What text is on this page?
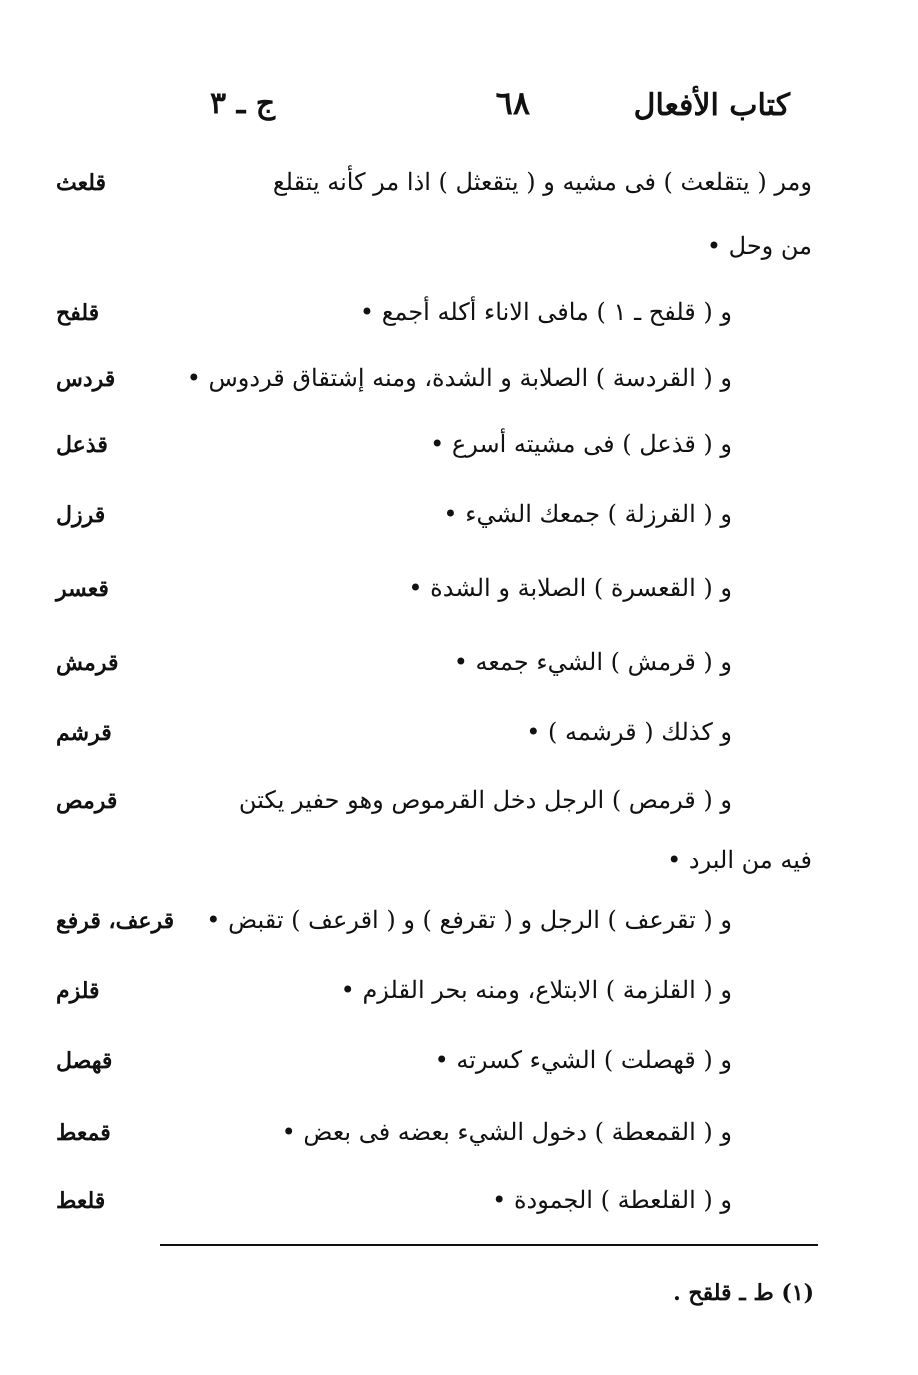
كتاب الأفعال
٦٨
ج ـ ٣
ومر ( يتقلعث ) فى مشيه و ( يتقعثل ) اذا مر كأنه يتقلع
قلعث
من وحل •
و ( قلفح ـ ١ ) مافى الاناء أكله أجمع •
قلفح
و ( القردسة ) الصلابة و الشدة، ومنه إشتقاق قردوس •
قردس
و ( قذعل ) فى مشيته أسرع •
قذعل
و ( القرزلة ) جمعك الشيء •
قرزل
و ( القعسرة ) الصلابة و الشدة •
قعسر
و ( قرمش ) الشيء جمعه •
قرمش
و كذلك ( قرشمه ) •
قرشم
و ( قرمص ) الرجل دخل القرموص وهو حفير يكتن
قرمص
فيه من البرد •
و ( تقرعف ) الرجل و ( تقرفع ) و ( اقرعف ) تقبض •
قرعف، قرفع
و ( القلزمة ) الابتلاع، ومنه بحر القلزم •
قلزم
و ( قهصلت ) الشيء كسرته •
قهصل
و ( القمعطة ) دخول الشيء بعضه فى بعض •
قمعط
و ( القلعطة ) الجمودة •
قلعط
(١) ط ـ قلقح .
